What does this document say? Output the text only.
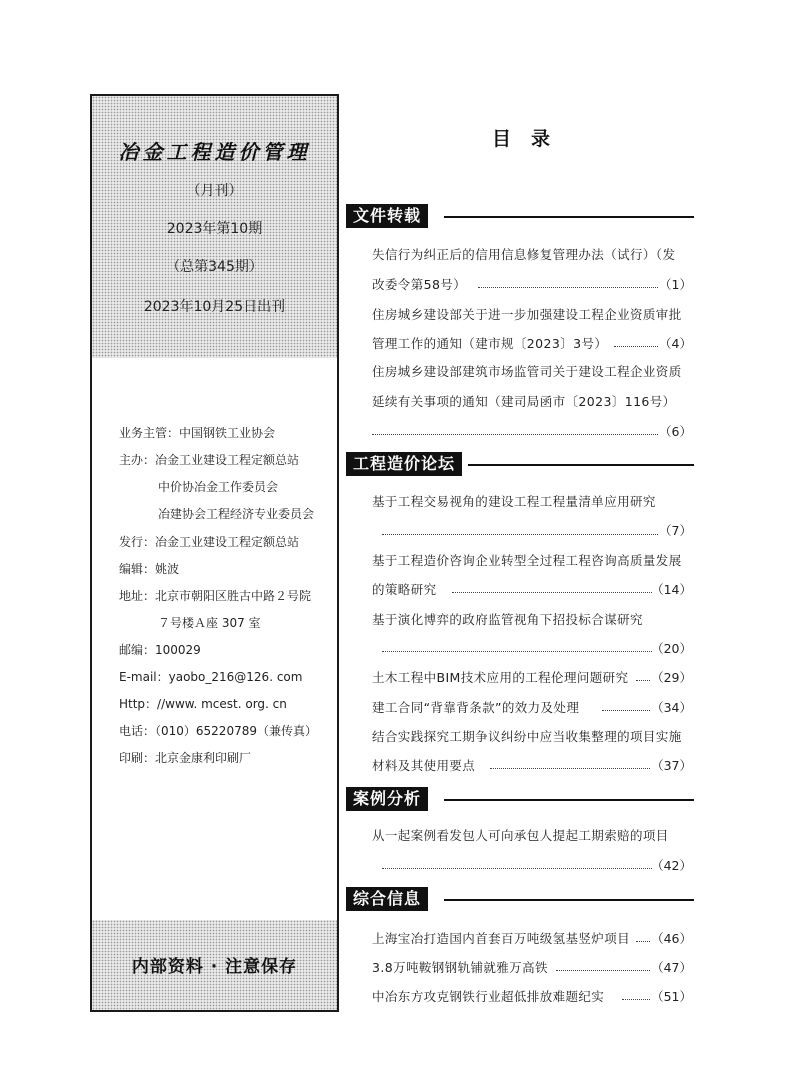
冶金工程造价管理
（月刊）
2023年第10期
（总第345期）
2023年10月25日出刊
业务主管：中国钢铁工业协会
主办：冶金工业建设工程定额总站
中价协冶金工作委员会
冶建协会工程经济专业委员会
发行：冶金工业建设工程定额总站
编辑：姚波
地址：北京市朝阳区胜古中路２号院
７号楼Ａ座 307 室
邮编：100029
E-mail：yaobo_216@126. com
Http：//www. mcest. org. cn
电话：（010）65220789（兼传真）
印刷：北京金康利印刷厂
内部资料 · 注意保存
目录
文件转载
失信行为纠正后的信用信息修复管理办法（试行）（发
改委令第58号）	（1）
住房城乡建设部关于进一步加强建设工程企业资质审批
管理工作的通知（建市规〔2023〕3号）	（4）
住房城乡建设部建筑市场监管司关于建设工程企业资质
延续有关事项的通知（建司局函市〔2023〕116号）
（6）
工程造价论坛
基于工程交易视角的建设工程工程量清单应用研究
（7）
基于工程造价咨询企业转型全过程工程咨询高质量发展
的策略研究	（14）
基于演化博弈的政府监管视角下招投标合谋研究
（20）
土木工程中BIM技术应用的工程伦理问题研究 （29）
建工合同“背靠背条款”的效力及处理	（34）
结合实践探究工期争议纠纷中应当收集整理的项目实施
材料及其使用要点	（37）
案例分析
从一起案例看发包人可向承包人提起工期索赔的项目
（42）
综合信息
上海宝冶打造国内首套百万吨级氢基竖炉项目 （46）
3.8万吨鞍钢钢轨铺就雅万高铁	（47）
中冶东方攻克钢铁行业超低排放难题纪实	（51）
